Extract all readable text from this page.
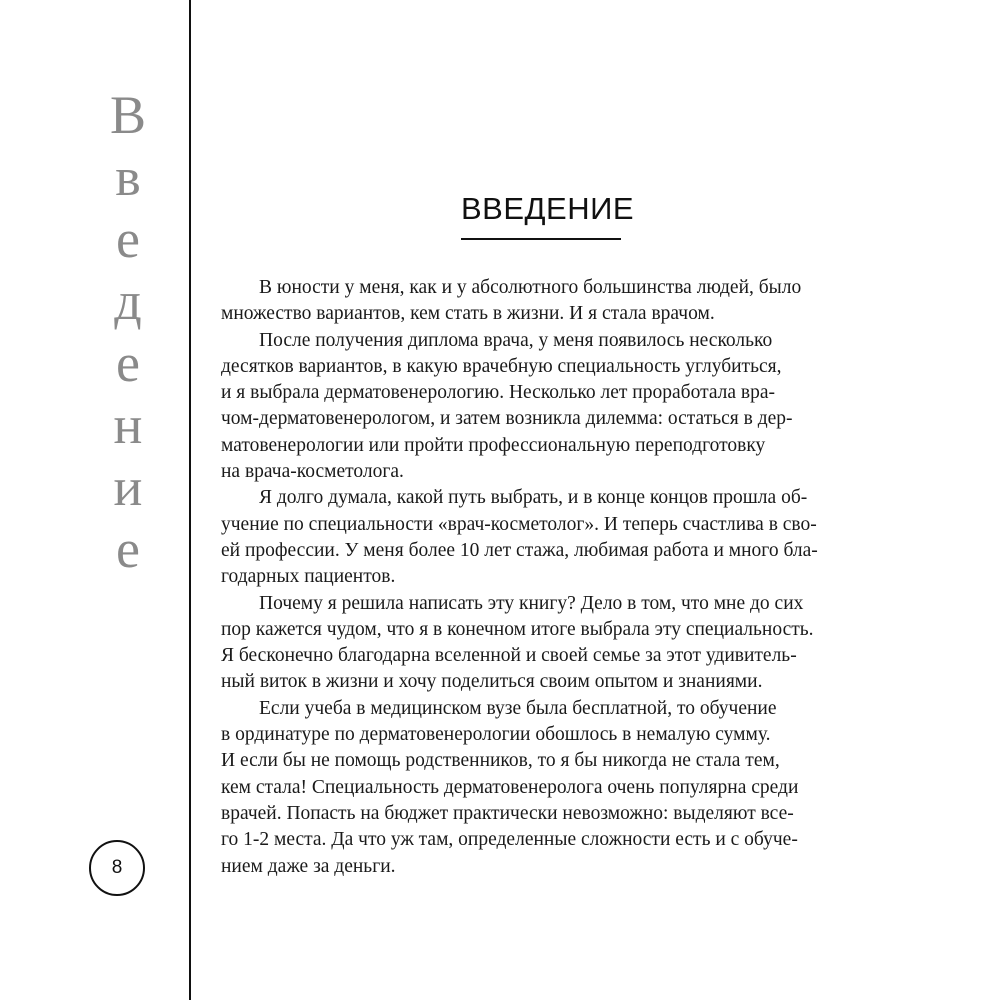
В
в
е
д
е
н
и
е
8
ВВЕДЕНИЕ
В юности у меня, как и у абсолютного большинства людей, было
множество вариантов, кем стать в жизни. И я стала врачом.
После получения диплома врача, у меня появилось несколько
десятков вариантов, в какую врачебную специальность углубиться,
и я выбрала дерматовенерологию. Несколько лет проработала вра-
чом-дерматовенерологом, и затем возникла дилемма: остаться в дер-
матовенерологии или пройти профессиональную переподготовку
на врача-косметолога.
Я долго думала, какой путь выбрать, и в конце концов прошла об-
учение по специальности «врач-косметолог». И теперь счастлива в сво-
ей профессии. У меня более 10 лет стажа, любимая работа и много бла-
годарных пациентов.
Почему я решила написать эту книгу? Дело в том, что мне до сих
пор кажется чудом, что я в конечном итоге выбрала эту специальность.
Я бесконечно благодарна вселенной и своей семье за этот удивитель-
ный виток в жизни и хочу поделиться своим опытом и знаниями.
Если учеба в медицинском вузе была бесплатной, то обучение
в ординатуре по дерматовенерологии обошлось в немалую сумму.
И если бы не помощь родственников, то я бы никогда не стала тем,
кем стала! Специальность дерматовенеролога очень популярна среди
врачей. Попасть на бюджет практически невозможно: выделяют все-
го 1-2 места. Да что уж там, определенные сложности есть и с обуче-
нием даже за деньги.
